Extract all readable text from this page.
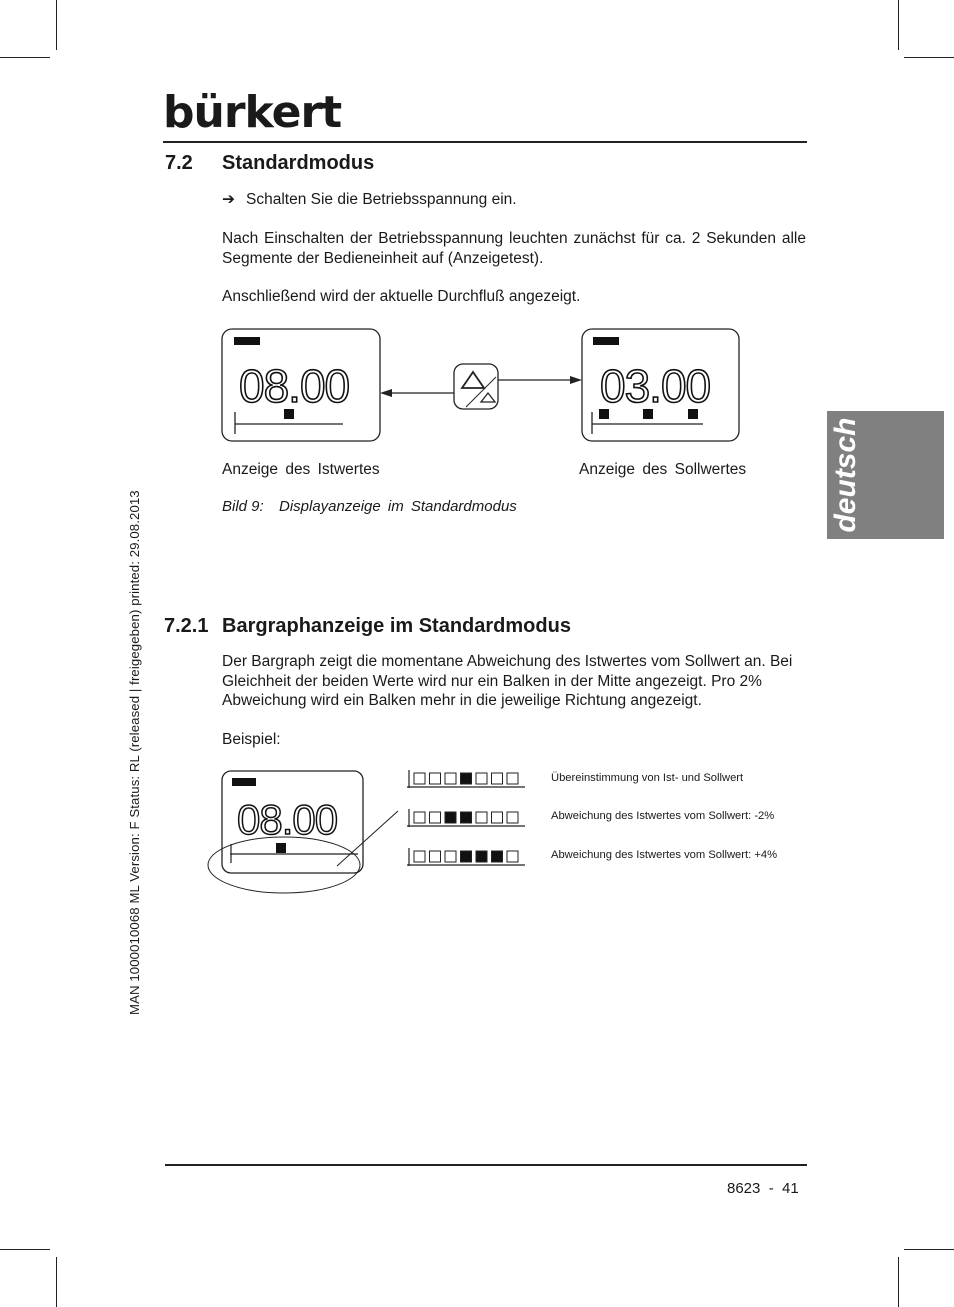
bürkert
deutsch
MAN 1000010068 ML Version: F Status: RL (released | freigegeben) printed: 29.08.2013
7.2 Standardmodus
➔ Schalten Sie die Betriebsspannung ein.
Nach Einschalten der Betriebsspannung leuchten zunächst für ca. 2 Sekunden alle Segmente der Bedieneinheit auf (Anzeigetest).
Anschließend wird der aktuelle Durchfluß angezeigt.
08.00	03.00
Anzeige des Istwertes	Anzeige des Sollwertes
Bild 9: Displayanzeige im Standardmodus
7.2.1 Bargraphanzeige im Standardmodus
Der Bargraph zeigt die momentane Abweichung des Istwertes vom Sollwert an. Bei Gleichheit der beiden Werte wird nur ein Balken in der Mitte angezeigt. Pro 2% Abweichung wird ein Balken mehr in die jeweilige Richtung angezeigt.
Beispiel:
08.00
Übereinstimmung von Ist- und Sollwert
Abweichung des Istwertes vom Sollwert: -2%
Abweichung des Istwertes vom Sollwert: +4%
8623  -  41
